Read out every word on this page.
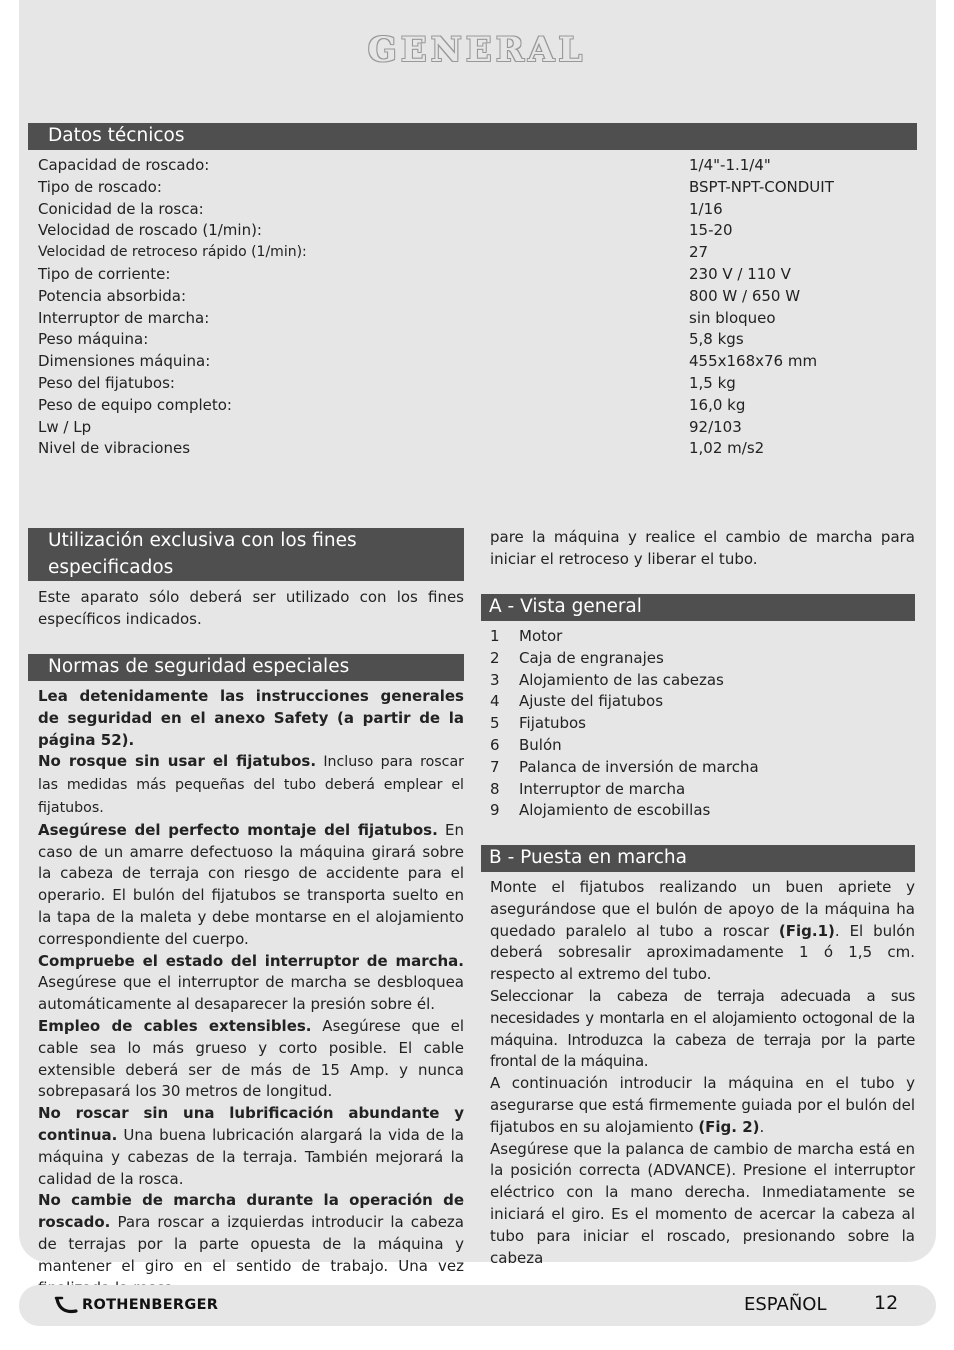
GENERAL
Datos técnicos
Capacidad de roscado:	1/4"-1.1/4"
Tipo de roscado:	BSPT-NPT-CONDUIT
Conicidad de la rosca:	1/16
Velocidad de roscado (1/min):	15-20
Velocidad de retroceso rápido (1/min):	27
Tipo de corriente:	230 V / 110 V
Potencia absorbida:	800 W / 650 W
Interruptor de marcha:	sin bloqueo
Peso máquina:	5,8 kgs
Dimensiones máquina:	455x168x76 mm
Peso del fijatubos:	1,5 kg
Peso de equipo completo:	16,0 kg
Lw / Lp	92/103
Nivel de vibraciones	1,02 m/s2
Utilización exclusiva con los fines
especificados

Este aparato sólo deberá ser utilizado con los fines específicos indicados.

Normas de seguridad especiales

Lea detenidamente las instrucciones generales de seguridad en el anexo Safety (a partir de la página 52).

No rosque sin usar el fijatubos. Incluso para roscar las medidas más pequeñas del tubo deberá emplear el fijatubos.

Asegúrese del perfecto montaje del fijatubos. En caso de un amarre defectuoso la máquina girará sobre la cabeza de terraja con riesgo de accidente para el operario. El bulón del fijatubos se transporta suelto en la tapa de la maleta y debe montarse en el alojamiento correspondiente del cuerpo.

Compruebe el estado del interruptor de marcha. Asegúrese que el interruptor de marcha se desbloquea automáticamente al desaparecer la presión sobre él.

Empleo de cables extensibles. Asegúrese que el cable sea lo más grueso y corto posible. El cable extensible deberá ser de más de 15 Amp. y nunca sobrepasará los 30 metros de longitud.

No roscar sin una lubrificación abundante y continua. Una buena lubricación alargará la vida de la máquina y cabezas de la terraja. También mejorará la calidad de la rosca.

No cambie de marcha durante la operación de roscado. Para roscar a izquierdas introducir la cabeza de terrajas por la parte opuesta de la máquina y mantener el giro en el sentido de trabajo. Una vez

pare la máquina y realice el cambio de marcha para iniciar el retroceso y liberar el tubo.

A - Vista general
1 Motor
2 Caja de engranajes
3 Alojamiento de las cabezas
4 Ajuste del fijatubos
5 Fijatubos
6 Bulón
7 Palanca de inversión de marcha
8 Interruptor de marcha
9 Alojamiento de escobillas
B - Puesta en marcha

Monte el fijatubos realizando un buen apriete y asegurándose que el bulón de apoyo de la máquina ha quedado paralelo al tubo a roscar (Fig.1). El bulón deberá sobresalir aproximadamente 1 ó 1,5 cm. respecto al extremo del tubo.

Seleccionar la cabeza de terraja adecuada a sus necesidades y montarla en el alojamiento octogonal de la máquina. Introduzca la cabeza de terraja por la parte frontal de la máquina.

A continuación introducir la máquina en el tubo y asegurarse que está firmemente guiada por el bulón del fijatubos en su alojamiento (Fig. 2).

Asegúrese que la palanca de cambio de marcha está en la posición correcta (ADVANCE). Presione el interruptor eléctrico con la mano derecha. Inmediatamente se iniciará el giro. Es el momento de acercar la cabeza al tubo para iniciar el roscado, presionando sobre la cabeza

ROTHENBERGER	ESPAÑOL	12
